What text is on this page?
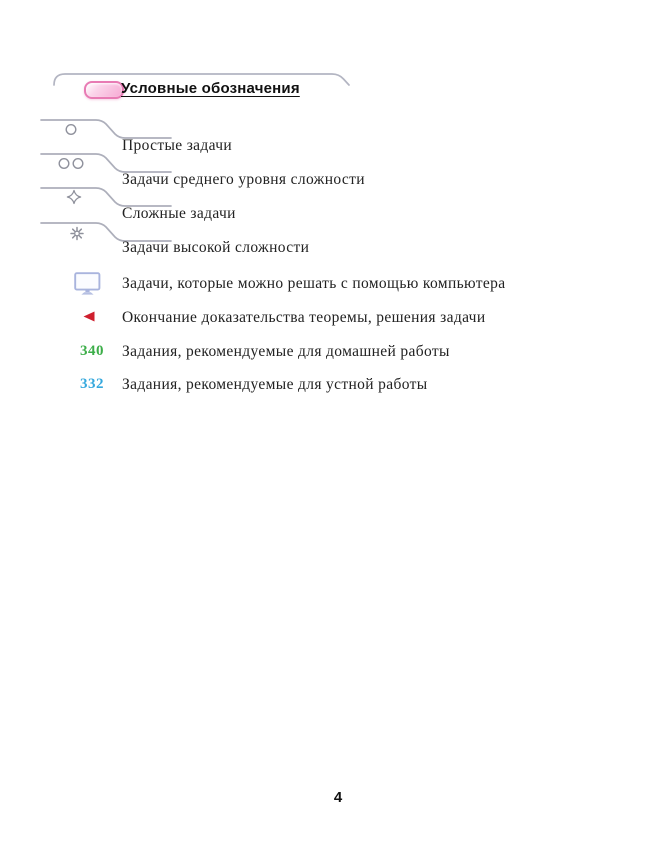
Условные обозначения
Простые задачи
Задачи среднего уровня сложности
Сложные задачи
Задачи высокой сложности
Задачи, которые можно решать с помощью компьютера
Окончание доказательства теоремы, решения задачи
340 Задания, рекомендуемые для домашней работы
332 Задания, рекомендуемые для устной работы
4
